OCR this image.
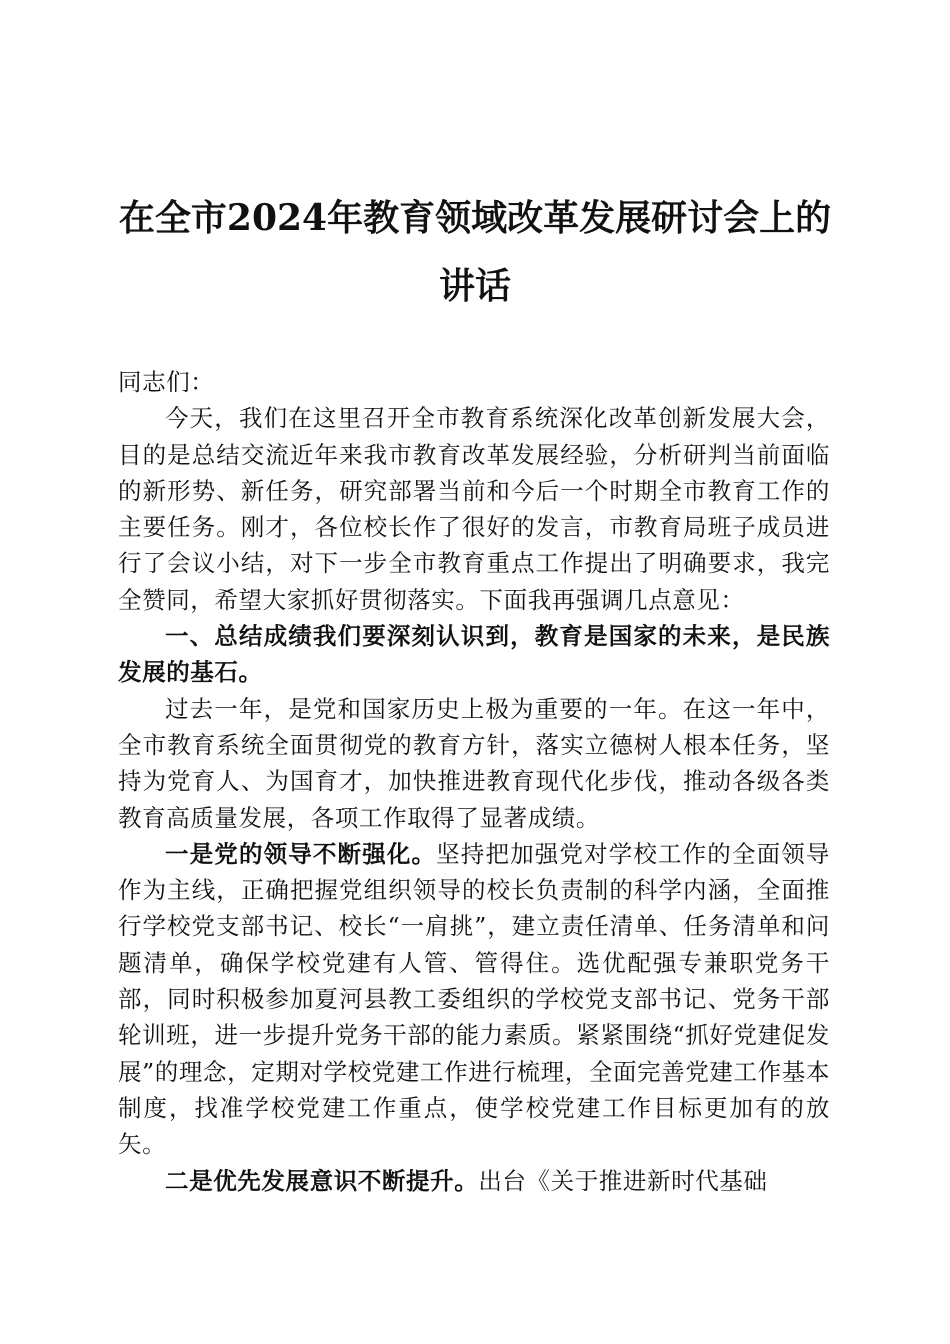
在全市2024年教育领域改革发展研讨会上的
讲话

同志们：

今天，我们在这里召开全市教育系统深化改革创新发展大会，目的是总结交流近年来我市教育改革发展经验，分析研判当前面临的新形势、新任务，研究部署当前和今后一个时期全市教育工作的主要任务。刚才，各位校长作了很好的发言，市教育局班子成员进行了会议小结，对下一步全市教育重点工作提出了明确要求，我完全赞同，希望大家抓好贯彻落实。下面我再强调几点意见：

一、总结成绩我们要深刻认识到，教育是国家的未来，是民族发展的基石。

过去一年，是党和国家历史上极为重要的一年。在这一年中，全市教育系统全面贯彻党的教育方针，落实立德树人根本任务，坚持为党育人、为国育才，加快推进教育现代化步伐，推动各级各类教育高质量发展，各项工作取得了显著成绩。

一是党的领导不断强化。坚持把加强党对学校工作的全面领导作为主线，正确把握党组织领导的校长负责制的科学内涵，全面推行学校党支部书记、校长“一肩挑”，建立责任清单、任务清单和问题清单，确保学校党建有人管、管得住。选优配强专兼职党务干部，同时积极参加夏河县教工委组织的学校党支部书记、党务干部轮训班，进一步提升党务干部的能力素质。紧紧围绕“抓好党建促发展”的理念，定期对学校党建工作进行梳理，全面完善党建工作基本制度，找准学校党建工作重点，使学校党建工作目标更加有的放矢。

二是优先发展意识不断提升。出台《关于推进新时代基础
